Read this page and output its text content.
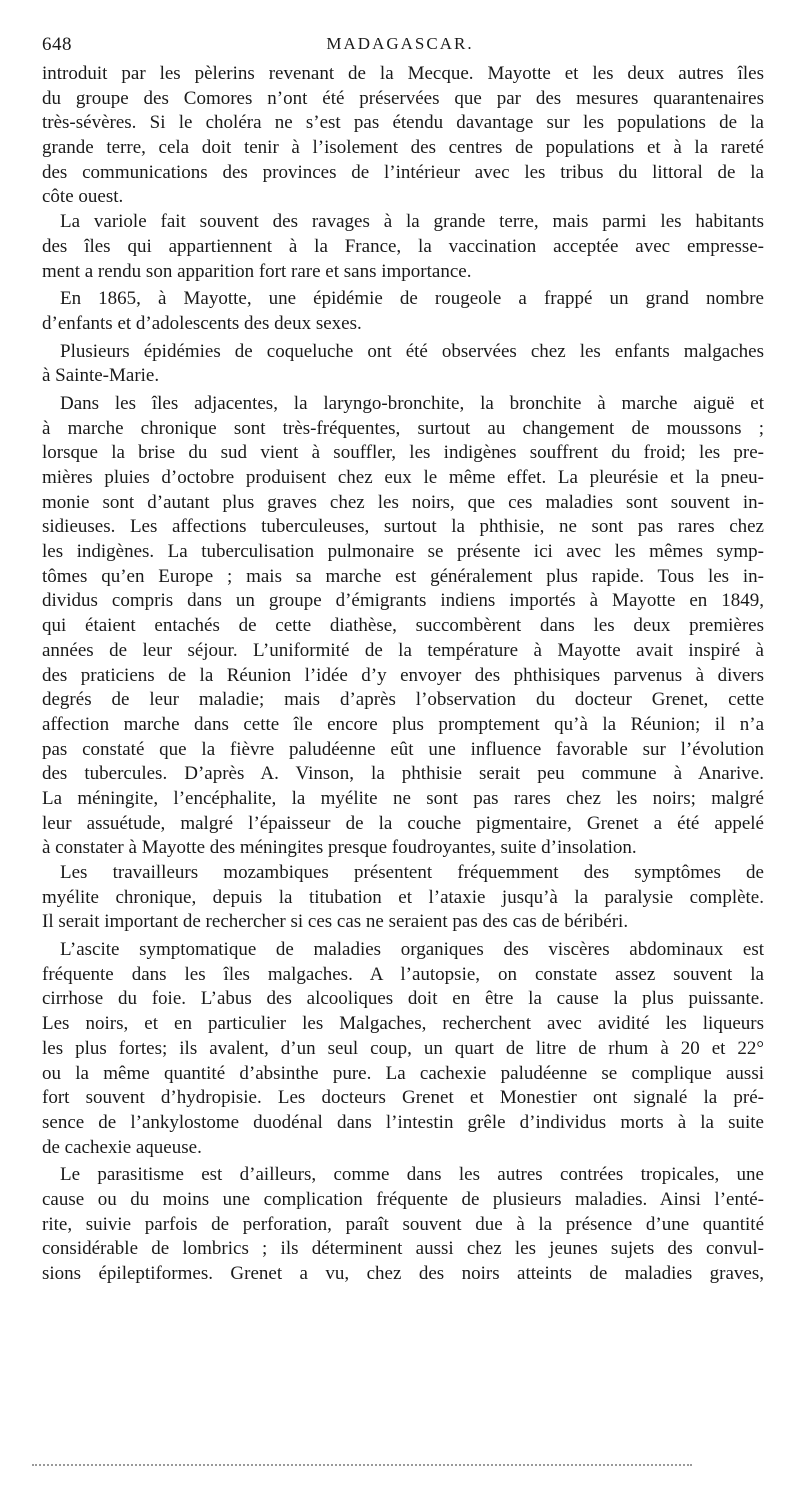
648	MADAGASCAR.
introduit par les pèlerins revenant de la Mecque. Mayotte et les deux autres îles
du groupe des Comores n’ont été préservées que par des mesures quarantenaires
très-sévères. Si le choléra ne s’est pas étendu davantage sur les populations de la
grande terre, cela doit tenir à l’isolement des centres de populations et à la rareté
des communications des provinces de l’intérieur avec les tribus du littoral de la
côte ouest.
La variole fait souvent des ravages à la grande terre, mais parmi les habitants
des îles qui appartiennent à la France, la vaccination acceptée avec empresse-
ment a rendu son apparition fort rare et sans importance.
En 1865, à Mayotte, une épidémie de rougeole a frappé un grand nombre
d’enfants et d’adolescents des deux sexes.
Plusieurs épidémies de coqueluche ont été observées chez les enfants malgaches
à Sainte-Marie.
Dans les îles adjacentes, la laryngo-bronchite, la bronchite à marche aiguë et
à marche chronique sont très-fréquentes, surtout au changement de moussons ;
lorsque la brise du sud vient à souffler, les indigènes souffrent du froid; les pre-
mières pluies d’octobre produisent chez eux le même effet. La pleurésie et la pneu-
monie sont d’autant plus graves chez les noirs, que ces maladies sont souvent in-
sidieuses. Les affections tuberculeuses, surtout la phthisie, ne sont pas rares chez
les indigènes. La tuberculisation pulmonaire se présente ici avec les mêmes symp-
tômes qu’en Europe ; mais sa marche est généralement plus rapide. Tous les in-
dividus compris dans un groupe d’émigrants indiens importés à Mayotte en 1849,
qui étaient entachés de cette diathèse, succombèrent dans les deux premières
années de leur séjour. L’uniformité de la température à Mayotte avait inspiré à
des praticiens de la Réunion l’idée d’y envoyer des phthisiques parvenus à divers
degrés de leur maladie; mais d’après l’observation du docteur Grenet, cette
affection marche dans cette île encore plus promptement qu’à la Réunion; il n’a
pas constaté que la fièvre paludéenne eût une influence favorable sur l’évolution
des tubercules. D’après A. Vinson, la phthisie serait peu commune à Anarive.
La méningite, l’encéphalite, la myélite ne sont pas rares chez les noirs; malgré
leur assuétude, malgré l’épaisseur de la couche pigmentaire, Grenet a été appelé
à constater à Mayotte des méningites presque foudroyantes, suite d’insolation.
Les travailleurs mozambiques présentent fréquemment des symptômes de
myélite chronique, depuis la titubation et l’ataxie jusqu’à la paralysie complète.
Il serait important de rechercher si ces cas ne seraient pas des cas de béribéri.
L’ascite symptomatique de maladies organiques des viscères abdominaux est
fréquente dans les îles malgaches. A l’autopsie, on constate assez souvent la
cirrhose du foie. L’abus des alcooliques doit en être la cause la plus puissante.
Les noirs, et en particulier les Malgaches, recherchent avec avidité les liqueurs
les plus fortes; ils avalent, d’un seul coup, un quart de litre de rhum à 20 et 22°
ou la même quantité d’absinthe pure. La cachexie paludéenne se complique aussi
fort souvent d’hydropisie. Les docteurs Grenet et Monestier ont signalé la pré-
sence de l’ankylostome duodénal dans l’intestin grêle d’individus morts à la suite
de cachexie aqueuse.
Le parasitisme est d’ailleurs, comme dans les autres contrées tropicales, une
cause ou du moins une complication fréquente de plusieurs maladies. Ainsi l’enté-
rite, suivie parfois de perforation, paraît souvent due à la présence d’une quantité
considérable de lombrics ; ils déterminent aussi chez les jeunes sujets des convul-
sions épileptiformes. Grenet a vu, chez des noirs atteints de maladies graves,
